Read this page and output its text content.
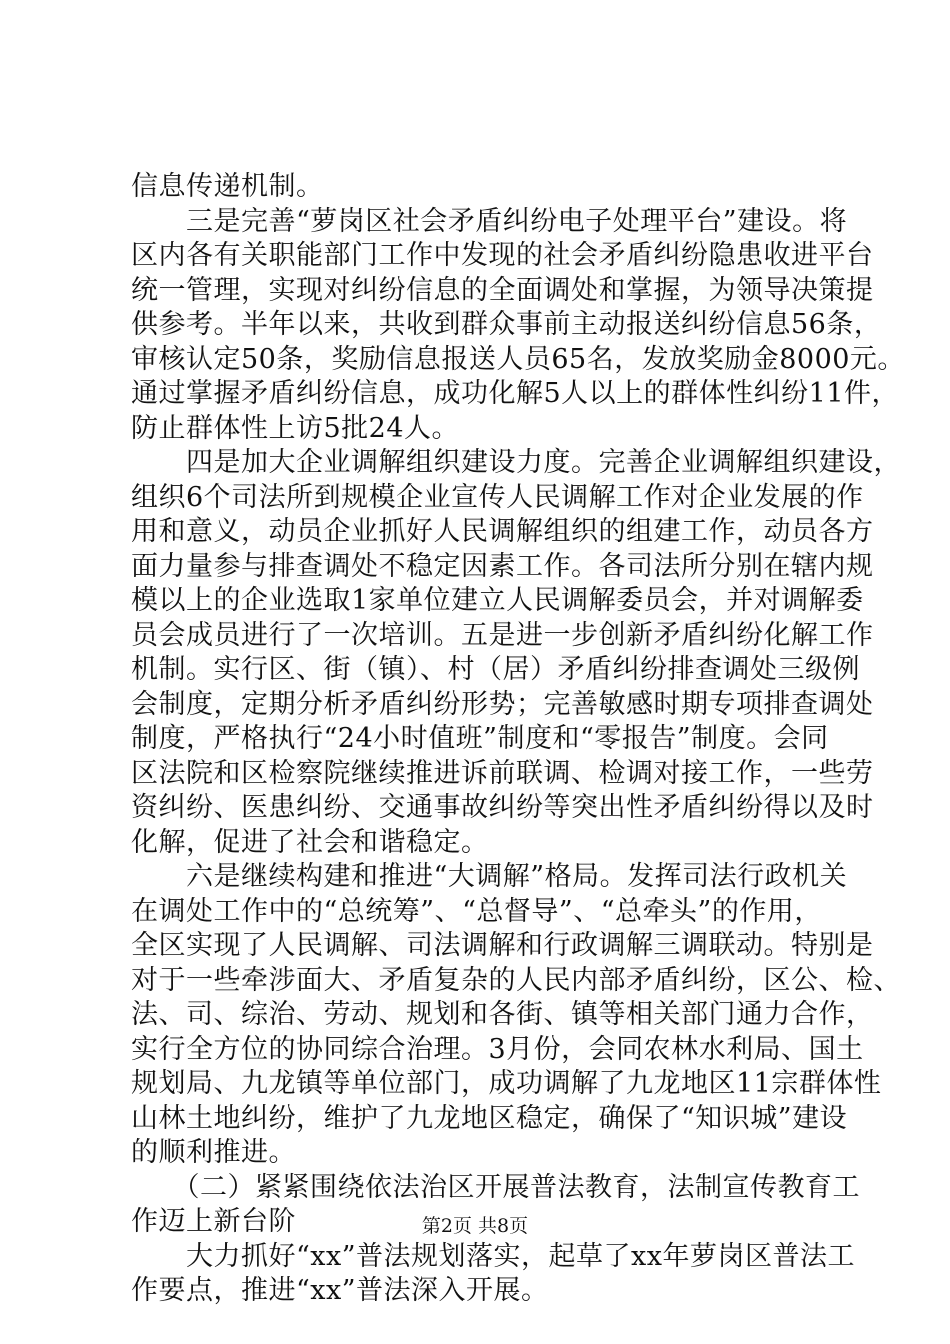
信息传递机制。
　　三是完善“萝岗区社会矛盾纠纷电子处理平台”建设。将
区内各有关职能部门工作中发现的社会矛盾纠纷隐患收进平台
统一管理，实现对纠纷信息的全面调处和掌握，为领导决策提
供参考。半年以来，共收到群众事前主动报送纠纷信息56条，
审核认定50条，奖励信息报送人员65名，发放奖励金8000元。
通过掌握矛盾纠纷信息，成功化解5人以上的群体性纠纷11件，
防止群体性上访5批24人。
　　四是加大企业调解组织建设力度。完善企业调解组织建设，
组织6个司法所到规模企业宣传人民调解工作对企业发展的作
用和意义，动员企业抓好人民调解组织的组建工作，动员各方
面力量参与排查调处不稳定因素工作。各司法所分别在辖内规
模以上的企业选取1家单位建立人民调解委员会，并对调解委
员会成员进行了一次培训。五是进一步创新矛盾纠纷化解工作
机制。实行区、街（镇）、村（居）矛盾纠纷排查调处三级例
会制度，定期分析矛盾纠纷形势；完善敏感时期专项排查调处
制度，严格执行“24小时值班”制度和“零报告”制度。会同
区法院和区检察院继续推进诉前联调、检调对接工作，一些劳
资纠纷、医患纠纷、交通事故纠纷等突出性矛盾纠纷得以及时
化解，促进了社会和谐稳定。
　　六是继续构建和推进“大调解”格局。发挥司法行政机关
在调处工作中的“总统筹”、“总督导”、“总牵头”的作用，
全区实现了人民调解、司法调解和行政调解三调联动。特别是
对于一些牵涉面大、矛盾复杂的人民内部矛盾纠纷，区公、检、
法、司、综治、劳动、规划和各街、镇等相关部门通力合作，
实行全方位的协同综合治理。3月份，会同农林水利局、国土
规划局、九龙镇等单位部门，成功调解了九龙地区11宗群体性
山林土地纠纷，维护了九龙地区稳定，确保了“知识城”建设
的顺利推进。
　　（二）紧紧围绕依法治区开展普法教育，法制宣传教育工
作迈上新台阶
　　大力抓好“xx”普法规划落实，起草了xx年萝岗区普法工
作要点，推进“xx”普法深入开展。
第2页 共8页
